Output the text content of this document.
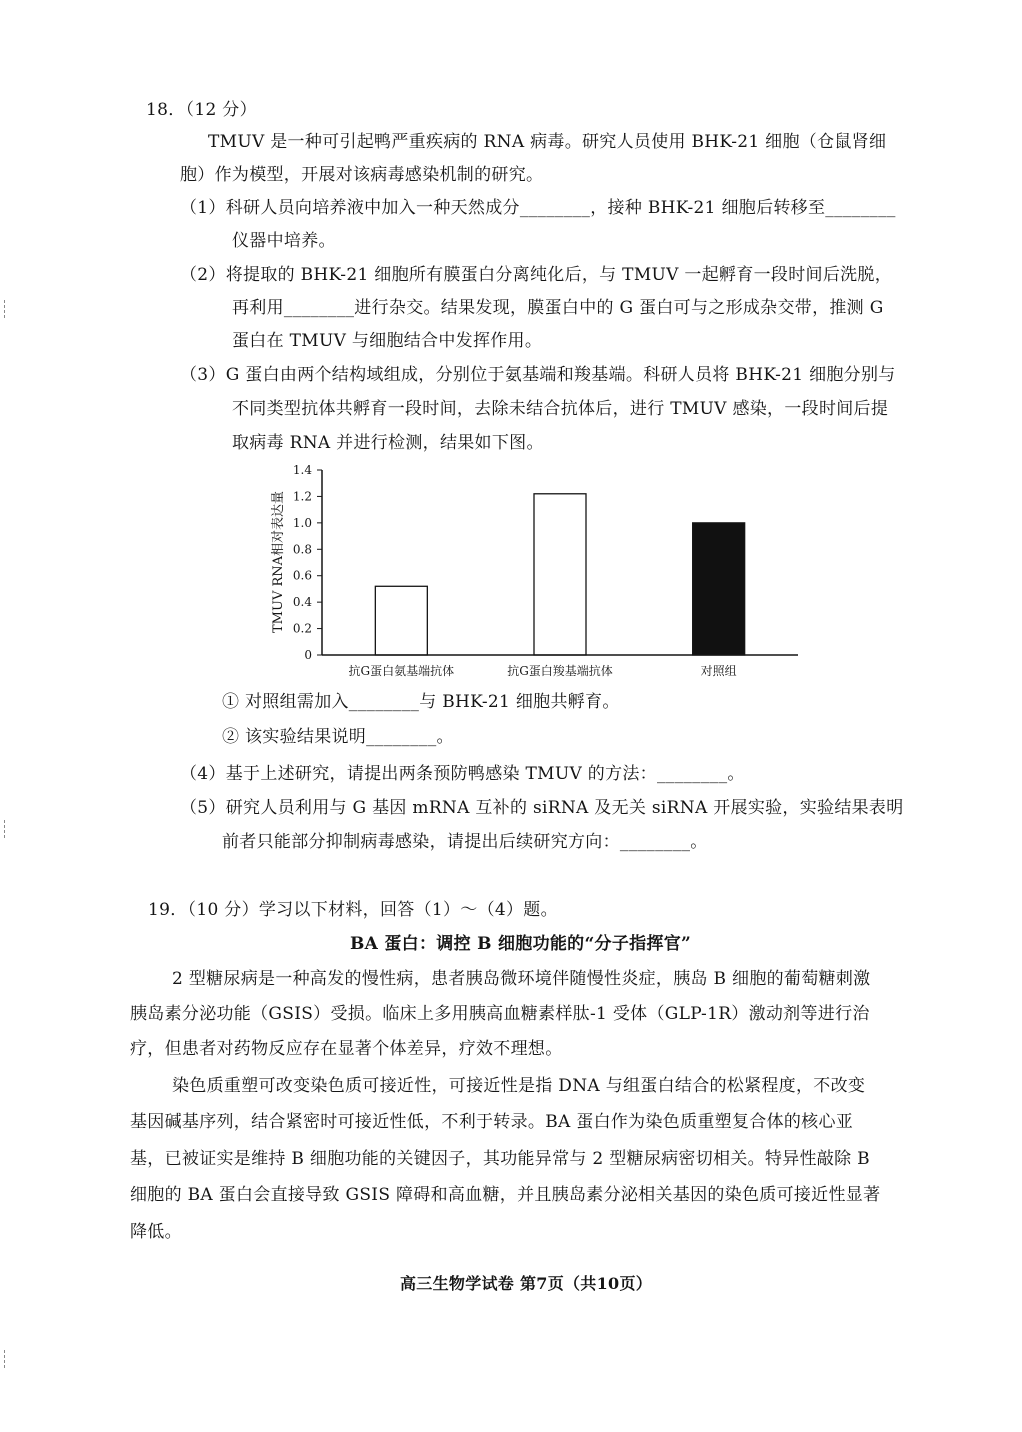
18．（12 分）

TMUV 是一种可引起鸭严重疾病的 RNA 病毒。研究人员使用 BHK-21 细胞（仓鼠肾细

胞）作为模型，开展对该病毒感染机制的研究。

（1）科研人员向培养液中加入一种天然成分________，接种 BHK-21 细胞后转移至________

仪器中培养。

（2）将提取的 BHK-21 细胞所有膜蛋白分离纯化后，与 TMUV 一起孵育一段时间后洗脱，

再利用________进行杂交。结果发现，膜蛋白中的 G 蛋白可与之形成杂交带，推测 G

蛋白在 TMUV 与细胞结合中发挥作用。

（3）G 蛋白由两个结构域组成，分别位于氨基端和羧基端。科研人员将 BHK-21 细胞分别与

不同类型抗体共孵育一段时间，去除未结合抗体后，进行 TMUV 感染，一段时间后提

取病毒 RNA 并进行检测，结果如下图。

0
0.2
0.4
0.6
0.8
1.0
1.2
1.4
抗G蛋白氨基端抗体	抗G蛋白羧基端抗体	对照组
TMUV RNA相对表达量

① 对照组需加入________与 BHK-21 细胞共孵育。

② 该实验结果说明________。

（4）基于上述研究，请提出两条预防鸭感染 TMUV 的方法：________。

（5）研究人员利用与 G 基因 mRNA 互补的 siRNA 及无关 siRNA 开展实验，实验结果表明

前者只能部分抑制病毒感染，请提出后续研究方向：________。

19．（10 分）学习以下材料，回答（1）～（4）题。

BA 蛋白：调控 B 细胞功能的“分子指挥官”

2 型糖尿病是一种高发的慢性病，患者胰岛微环境伴随慢性炎症，胰岛 B 细胞的葡萄糖刺激

胰岛素分泌功能（GSIS）受损。临床上多用胰高血糖素样肽-1 受体（GLP-1R）激动剂等进行治

疗，但患者对药物反应存在显著个体差异，疗效不理想。

染色质重塑可改变染色质可接近性，可接近性是指 DNA 与组蛋白结合的松紧程度，不改变

基因碱基序列，结合紧密时可接近性低，不利于转录。BA 蛋白作为染色质重塑复合体的核心亚

基，已被证实是维持 B 细胞功能的关键因子，其功能异常与 2 型糖尿病密切相关。特异性敲除 B

细胞的 BA 蛋白会直接导致 GSIS 障碍和高血糖，并且胰岛素分泌相关基因的染色质可接近性显著

降低。

高三生物学试卷 第7页（共10页）
